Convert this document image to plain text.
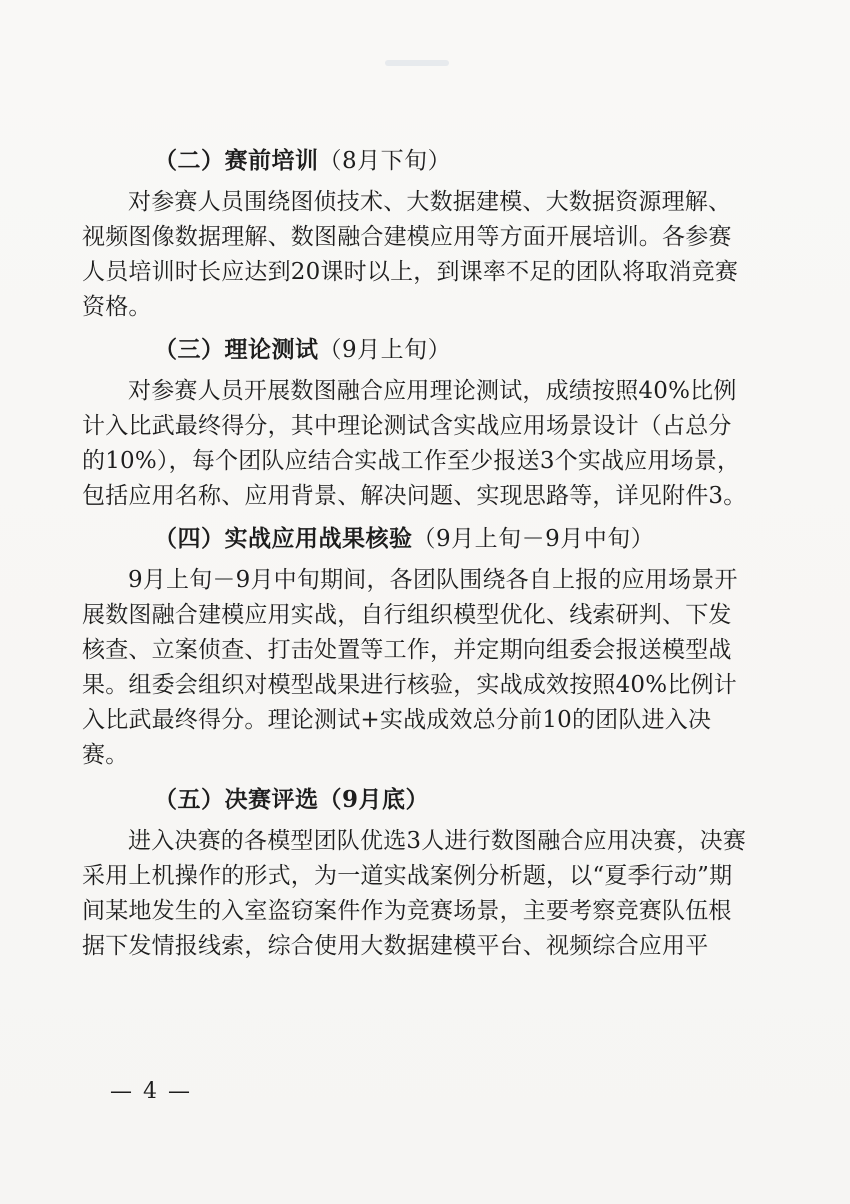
（二）赛前培训（8月下旬）

对参赛人员围绕图侦技术、大数据建模、大数据资源理解、视频图像数据理解、数图融合建模应用等方面开展培训。各参赛人员培训时长应达到20课时以上，到课率不足的团队将取消竞赛资格。

（三）理论测试（9月上旬）

对参赛人员开展数图融合应用理论测试，成绩按照40%比例计入比武最终得分，其中理论测试含实战应用场景设计（占总分的10%），每个团队应结合实战工作至少报送3个实战应用场景，包括应用名称、应用背景、解决问题、实现思路等，详见附件3。

（四）实战应用战果核验（9月上旬－9月中旬）

9月上旬－9月中旬期间，各团队围绕各自上报的应用场景开展数图融合建模应用实战，自行组织模型优化、线索研判、下发核查、立案侦查、打击处置等工作，并定期向组委会报送模型战果。组委会组织对模型战果进行核验，实战成效按照40%比例计入比武最终得分。理论测试+实战成效总分前10的团队进入决赛。

（五）决赛评选（9月底）

进入决赛的各模型团队优选3人进行数图融合应用决赛，决赛采用上机操作的形式，为一道实战案例分析题，以“夏季行动”期间某地发生的入室盗窃案件作为竞赛场景，主要考察竞赛队伍根据下发情报线索，综合使用大数据建模平台、视频综合应用平

— 4 —
